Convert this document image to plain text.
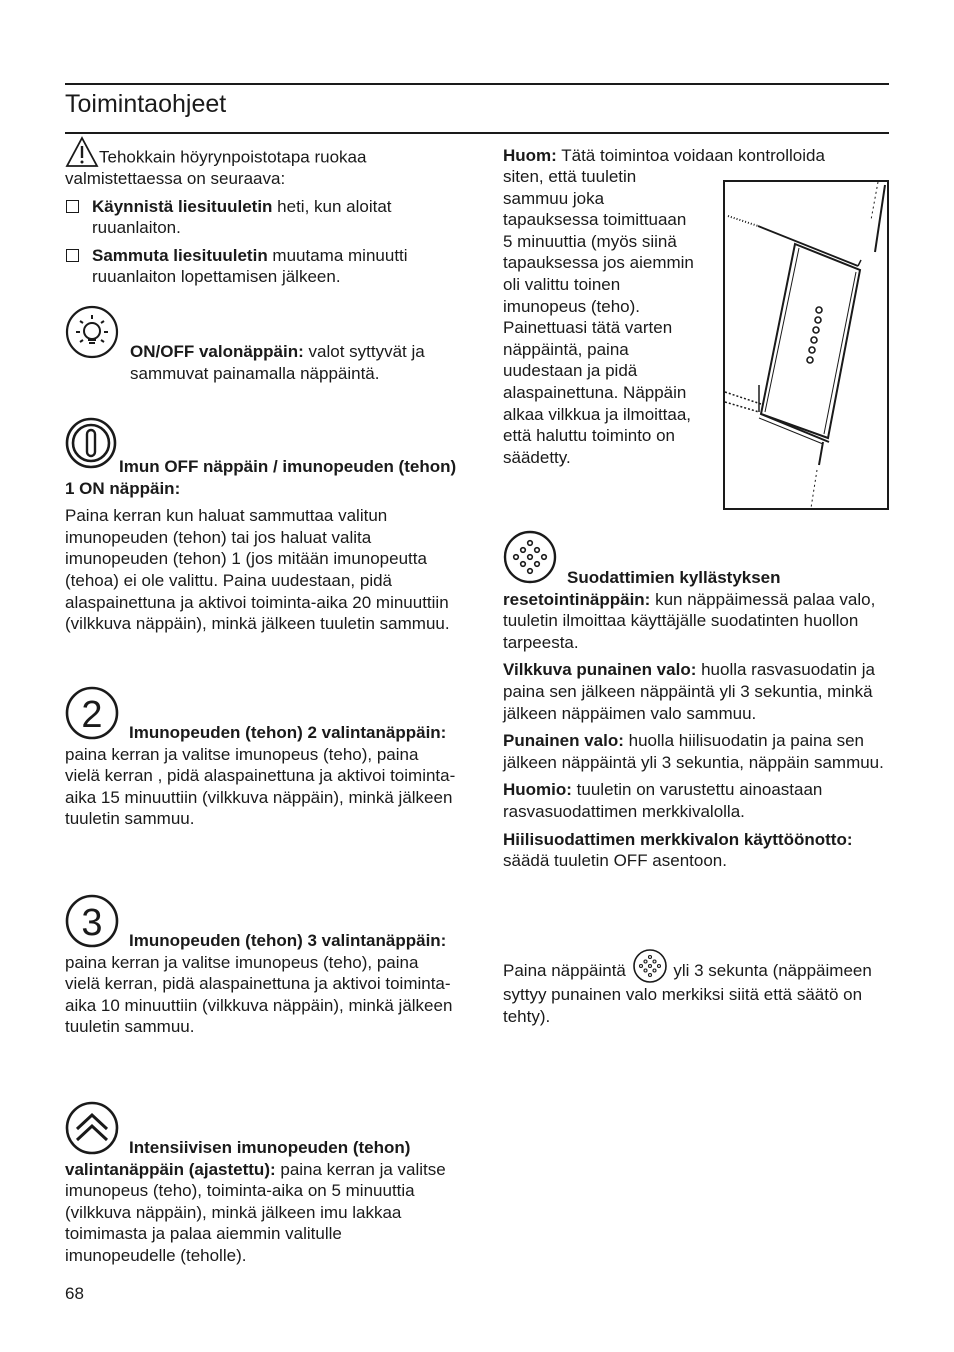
Toimintaohjeet

Tehokkain höyrynpoistotapa ruokaa valmistettaessa on seuraava:

Käynnistä liesituuletin heti, kun aloitat ruuanlaiton.
Sammuta liesituuletin muutama minuutti ruuanlaiton lopettamisen jälkeen.

ON/OFF valonäppäin: valot syttyvät ja sammuvat painamalla näppäintä.

Imun OFF näppäin / imunopeuden (tehon) 1 ON näppäin:

Paina kerran kun haluat sammuttaa valitun imunopeuden (tehon) tai jos haluat valita imunopeuden (tehon) 1 (jos mitään imunopeutta (tehoa) ei ole valittu. Paina uudestaan, pidä alaspainettuna ja aktivoi toiminta-aika 20 minuuttiin (vilkkuva näppäin), minkä jälkeen tuuletin sammuu.

2	Imunopeuden (tehon) 2 valintanäppäin: paina kerran ja valitse imunopeus (teho), paina vielä kerran , pidä alaspainettuna ja aktivoi toiminta-aika 15 minuuttiin (vilkkuva näppäin), minkä jälkeen tuuletin sammuu.

3	Imunopeuden (tehon) 3 valintanäppäin: paina kerran ja valitse imunopeus (teho), paina vielä kerran, pidä alaspainettuna ja aktivoi toiminta-aika 10 minuuttiin (vilkkuva näppäin), minkä jälkeen tuuletin sammuu.

Intensiivisen imunopeuden (tehon) valintanäppäin (ajastettu): paina kerran ja valitse imunopeus (teho), toiminta-aika on 5 minuuttia (vilkkuva näppäin), minkä jälkeen imu lakkaa toimimasta ja palaa aiemmin valitulle imunopeudelle (teholle).

68
Huom: Tätä toimintoa voidaan kontrolloida
siten, että tuuletin sammuu joka tapauksessa toimittuaan 5 minuuttia (myös siinä tapauksessa jos aiemmin oli valittu toinen imunopeus (teho). Painettuasi tätä varten näppäintä, paina uudestaan ja pidä alaspainettuna. Näppäin alkaa vilkkua ja ilmoittaa, että haluttu toiminto on säädetty.

Suodattimien kyllästyksen resetointinäppäin: kun näppäimessä palaa valo, tuuletin ilmoittaa käyttäjälle suodatinten huollon tarpeesta.

Vilkkuva punainen valo: huolla rasvasuodatin ja paina sen jälkeen näppäintä yli 3 sekuntia, minkä jälkeen näppäimen valo sammuu.

Punainen valo: huolla hiilisuodatin ja paina sen jälkeen näppäintä yli 3 sekuntia, näppäin sammuu.

Huomio: tuuletin on varustettu ainoastaan rasvasuodattimen merkkivalolla.

Hiilisuodattimen merkkivalon käyttöönotto: säädä tuuletin OFF asentoon.

Paina näppäintä	yli 3 sekunta (näppäimeen syttyy punainen valo merkiksi siitä että säätö on tehty).
